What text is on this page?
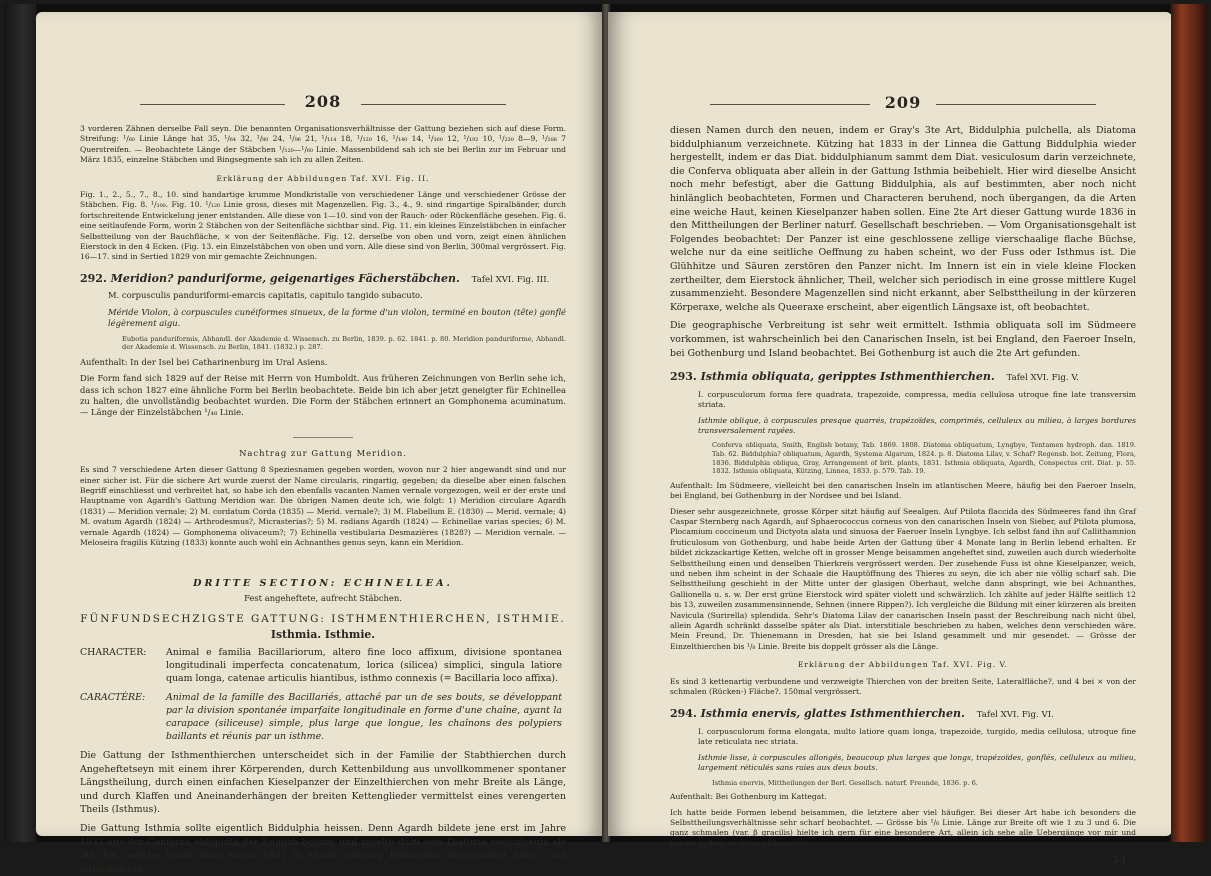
208

3 vorderen Zähnen derselbe Fall seyn. Die benannten Organisationsverhältnisse der Gattung beziehen sich auf diese Form. Streifung: ¹/₆₀ Linie Länge hat 35, ¹/₆₄ 32, ¹/₈₀ 24, ¹/₉₆ 21, ¹/₁₁₄ 18, ¹/₁₂₀ 16, ¹/₁₄₀ 14, ¹/₁₆₀ 12, ¹/₁₉₂ 10, ¹/₂₃₀ 8—9, ¹/₂₈₈ 7 Querstreifen. — Beobachtete Länge der Stäbchen ¹/₁₂₀—¹/₆₀ Linie. Massenbildend sah ich sie bei Berlin zur im Februar und März 1835, einzelne Stäbchen und Bingsegmente sah ich zu allen Zeiten.

Erklärung der Abbildungen Taf. XVI. Fig. II.

Fig. 1., 2., 5., 7., 8., 10. sind handartige krumme Mondkristalle von verschiedener Länge und verschiedener Grösse der Stäbchen. Fig. 8. ¹/₁₀₀. Fig. 10. ¹/₁₂₀ Linie gross, dieses mit Magenzellen. Fig. 3., 4., 9. sind ringartige Spiralbänder, durch fortschreitende Entwickelung jener entstanden. Alle diese von 1—10. sind von der Rauch- oder Rückenfläche gesehen. Fig. 6. eine seitlaufende Form, worin 2 Stäbchen von der Seitenfläche sichtbar sind. Fig. 11. ein kleines Einzelstäbchen in einfacher Selbstteilung von der Bauchfläche, × von der Seitenfläche. Fig. 12. derselbe von oben und vorn, zeigt einen ähnlichen Eierstock in den 4 Ecken. (Fig. 13. ein Einzelstäbchen von oben und vorn. Alle diese sind von Berlin, 300mal vergrössert. Fig. 16—17. sind in Sertied 1829 von mir gemachte Zeichnungen.

292. Meridion? panduriforme, geigenartiges Fächerstäbchen. Tafel XVI. Fig. III.

M. corpusculis panduriformi-emarcis capitatis, capitulo tangido subacuto.

Méride Violon, à corpuscules cunéiformes sinueux, de la forme d'un violon, terminé en bouton (tête) gonflé légèrement aigu.

Eubotia panduriformis, Abhandl. der Akademie d. Wissensch. zu Berlin, 1839. p. 62. 1841. p. 80. Meridion panduriforme, Abhandl. der Akademie d. Wissensch. zu Berlin, 1841. (1832.) p. 287.

Aufenthalt: In der Isel bei Catharinenburg im Ural Asiens.

Die Form fand sich 1829 auf der Reise mit Herrn von Humboldt. Aus früheren Zeichnungen von Berlin sehe ich, dass ich schon 1827 eine ähnliche Form bei Berlin beobachtete. Beide bin ich aber jetzt geneigter für Echinellea zu halten, die unvollständig beobachtet wurden. Die Form der Stäbchen erinnert an Gomphonema acuminatum. — Länge der Einzelstäbchen ¹/₄₈ Linie.

Nachtrag zur Gattung Meridion.

Es sind 7 verschiedene Arten dieser Gattung 8 Speziesnamen gegeben worden, wovon nur 2 hier angewandt sind und nur einer sicher ist. Für die sichere Art wurde zuerst der Name circularis, ringartig, gegeben; da dieselbe aber einen falschen Begriff einschliesst und verbreitet hat, so habe ich den ebenfalls vacanten Namen vernale vorgezogen, weil er der erste und Hauptname von Agardh's Gattung Meridion war. Die übrigen Namen deute ich, wie folgt: 1) Meridion circulare Agardh (1831) — Meridion vernale; 2) M. cordatum Corda (1835) — Merid. vernale?; 3) M. Flabellum E. (1830) — Merid. vernale; 4) M. ovatum Agardh (1824) — Arthrodesmus?, Micrasterias?; 5) M. radians Agardh (1824) — Echinellae varias species; 6) M. vernale Agardh (1824) — Gomphonema olivaceum?; 7) Echinella vestibularia Desmazières (1828?) — Meridion vernale. — Meloseira fragilis Kützing (1833) konnte auch wohl ein Achnanthes genus seyn, kann ein Meridion.

DRITTE SECTION: ECHINELLEA.
Fest angeheftete, aufrecht Stäbchen.
FÜNFUNDSECHZIGSTE GATTUNG: ISTHMENTHIERCHEN, ISTHMIE.
Isthmia. Isthmie.
CHARACTER: Animal e familia Bacillariorum, altero fine loco affixum, divisione spontanea longitudinali imperfecta concatenatum, lorica (silicea) simplici, singula latiore quam longa, catenae articulis hiantibus, isthmo connexis (= Bacillaria loco affixa).
CARACTÈRE: Animal de la famille des Bacillariés, attaché par un de ses bouts, se développant par la division spontanée imparfaite longitudinale en forme d'une chaîne, ayant la carapace (siliceuse) simple, plus large que longue, les chaînons des polypiers baillants et réunis par un isthme.

Die Gattung der Isthmenthierchen unterscheidet sich in der Familie der Stabthierchen durch Angeheftetseyn mit einem ihrer Körperenden, durch Kettenbildung aus unvollkommener spontaner Längstheilung, durch einen einfachen Kieselpanzer der Einzelthierchen von mehr Breite als Länge, und durch Klaffen und Aneinanderhängen der breiten Kettenglieder vermittelst eines verengerten Theils (Isthmus).

Die Gattung Isthmia sollte eigentlich Biddulphia heissen. Denn Agardh bildete jene erst im Jahre 1832 aus der Conferva obliquata der English botany, und zeselte dazu sein Diatoma vesiculosum als 2te Art, welche beide Gray schon 1831 in seiner Gattung Biddulphia abgesondert hatte, und unterdrückte

209

diesen Namen durch den neuen, indem er Gray's 3te Art, Biddulphia pulchella, als Diatoma biddulphianum verzeichnete. Kützing hat 1833 in der Linnea die Gattung Biddulphia wieder hergestellt, indem er das Diat. biddulphianum sammt dem Diat. vesiculosum darin verzeichnete, die Conferva obliquata aber allein in der Gattung Isthmia beibehielt. Hier wird dieselbe Ansicht noch mehr befestigt, aber die Gattung Biddulphia, als auf bestimmten, aber noch nicht hinlänglich beobachteten, Formen und Characteren beruhend, noch übergangen, da die Arten eine weiche Haut, keinen Kieselpanzer haben sollen. Eine 2te Art dieser Gattung wurde 1836 in den Mittheilungen der Berliner naturf. Gesellschaft beschrieben. — Vom Organisationsgehalt ist Folgendes beobachtet: Der Panzer ist eine geschlossene zellige vierschaalige flache Büchse, welche nur da eine seitliche Oeffnung zu haben scheint, wo der Fuss oder Isthmus ist. Die Glühhitze und Säuren zerstören den Panzer nicht. Im Innern ist ein in viele kleine Flocken zertheilter, dem Eierstock ähnlicher, Theil, welcher sich periodisch in eine grosse mittlere Kugel zusammenzieht. Besondere Magenzellen sind nicht erkannt, aber Selbsttheilung in der kürzeren Körperaxe, welche als Queeraxe erscheint, aber eigentlich Längsaxe ist, oft beobachtet.

Die geographische Verbreitung ist sehr weit ermittelt. Isthmia obliquata soll im Südmeere vorkommen, ist wahrscheinlich bei den Canarischen Inseln, ist bei England, den Faeroer Inseln, bei Gothenburg und Island beobachtet. Bei Gothenburg ist auch die 2te Art gefunden.

293. Isthmia obliquata, geripptes Isthmenthierchen. Tafel XVI. Fig. V.

I. corpusculorum forma fere quadrata, trapezoide, compressa, media cellulosa utroque fine late transversim striata.

Isthmie oblique, à corpuscules presque quarrés, trapézoïdes, comprimés, celluleux au milieu, à larges bordures transversalement rayées.

Conferva obliquata, Smith, English botany, Tab. 1869. 1808. Diatoma obliquatum, Lyngbye, Tentamen hydroph. dan. 1819. Tab. 62. Biddulphia? obliquatum, Agardh, Systema Algarum, 1824. p. 8. Diatoma Lilav, v. Schaf? Regensb. bot. Zeitung, Flora, 1836. Biddulphia obliqua, Gray, Arrangement of brit. plants, 1831. Isthmia obliquata, Agardh, Conspectus crit. Diat. p. 55. 1832. Isthmia obliquata, Kützing, Linnea, 1833. p. 579. Tab. 19.

Aufenthalt: Im Südmeere, vielleicht bei den canarischen Inseln im atlantischen Meere, häufig bei den Faeroer Inseln, bei England, bei Gothenburg in der Nordsee und bei Island.

Dieser sehr ausgezeichnete, grosse Körper sitzt häufig auf Seealgen. Auf Ptilota flaccida des Südmeeres fand ihn Graf Caspar Sternberg nach Agardh, auf Sphaerococcus corneus von den canarischen Inseln von Sieber, auf Ptilota plumosa, Plocamium coccineum und Dictyota alata und sinuosa der Faeroer Inseln Lyngbye. Ich selbst fand ihn auf Callithamnion fruticulosum von Gothenburg, und habe beide Arten der Gattung über 4 Monate lang in Berlin lebend erhalten. Er bildet zickzackartige Ketten, welche oft in grosser Menge beisammen angeheftet sind, zuweilen auch durch wiederholte Selbsttheilung einen und denselben Thierkreis vergrössert werden. Der zusehende Fuss ist ohne Kieselpanzer, weich, und neben ihm scheint in der Schaale die Hauptöffnung des Thieres zu seyn, die ich aber nie völlig scharf sah. Die Selbsttheilung geschieht in der Mitte unter der glasigen Oberhaut, welche dann abspringt, wie bei Achnanthes, Gallionella u. s. w. Der erst grüne Eierstock wird später violett und schwärzlich. Ich zählte auf jeder Hälfte seitlich 12 bis 13, zuweilen zusammensinnende, Sehnen (innere Rippen?). Ich vergleiche die Bildung mit einer kürzeren als breiten Navicula (Surirella) splendida. Sehr's Diatoma Lilav der canarischen Inseln passt der Beschreibung nach nicht übel, allein Agardh schränkt dasselbe später als Diat. interstitiale beschrieben zu haben, welches denn verschieden wäre. Mein Freund, Dr. Thienemann in Dresden, hat sie bei Island gesammelt und mir gesendet. — Grösse der Einzelthierchen bis ¹/₈ Linie. Breite bis doppelt grösser als die Länge.

Erklärung der Abbildungen Taf. XVI. Fig. V.

Es sind 3 kettenartig verbundene und verzweigte Thierchen von der breiten Seite, Lateralfläche?, und 4 bei × von der schmalen (Rücken-) Fläche?. 150mal vergrössert.

294. Isthmia enervis, glattes Isthmenthierchen. Tafel XVI. Fig. VI.

I. corpusculorum forma elongata, multo latiore quam longa, trapezoide, turgido, media cellulosa, utroque fine late reticulata nec striata.

Isthmie lisse, à corpuscules allongés, beaucoup plus larges que longs, trapézoïdes, gonflés, celluleux au milieu, largement réticulés sans raies aux deux bouts.

Isthmia enervis, Mittheilungen der Berl. Gesellsch. naturf. Freunde, 1836. p. 6.

Aufenthalt: Bei Gothenburg im Kattegat.

Ich hatte beide Formen lebend beisammen, die letztere aber viel häufiger. Bei dieser Art habe ich besonders die Selbsttheilungsverhältnisse sehr scharf beobachtet. — Grösse bis ¹/₆ Linie. Länge zur Breite oft wie 1 zu 3 und 6. Die ganz schmalen (var. β gracilis) hielte ich gern für eine besondere Art, allein ich sehe alle Uebergänge vor mir und keinen andern wichtigen Character.

53
